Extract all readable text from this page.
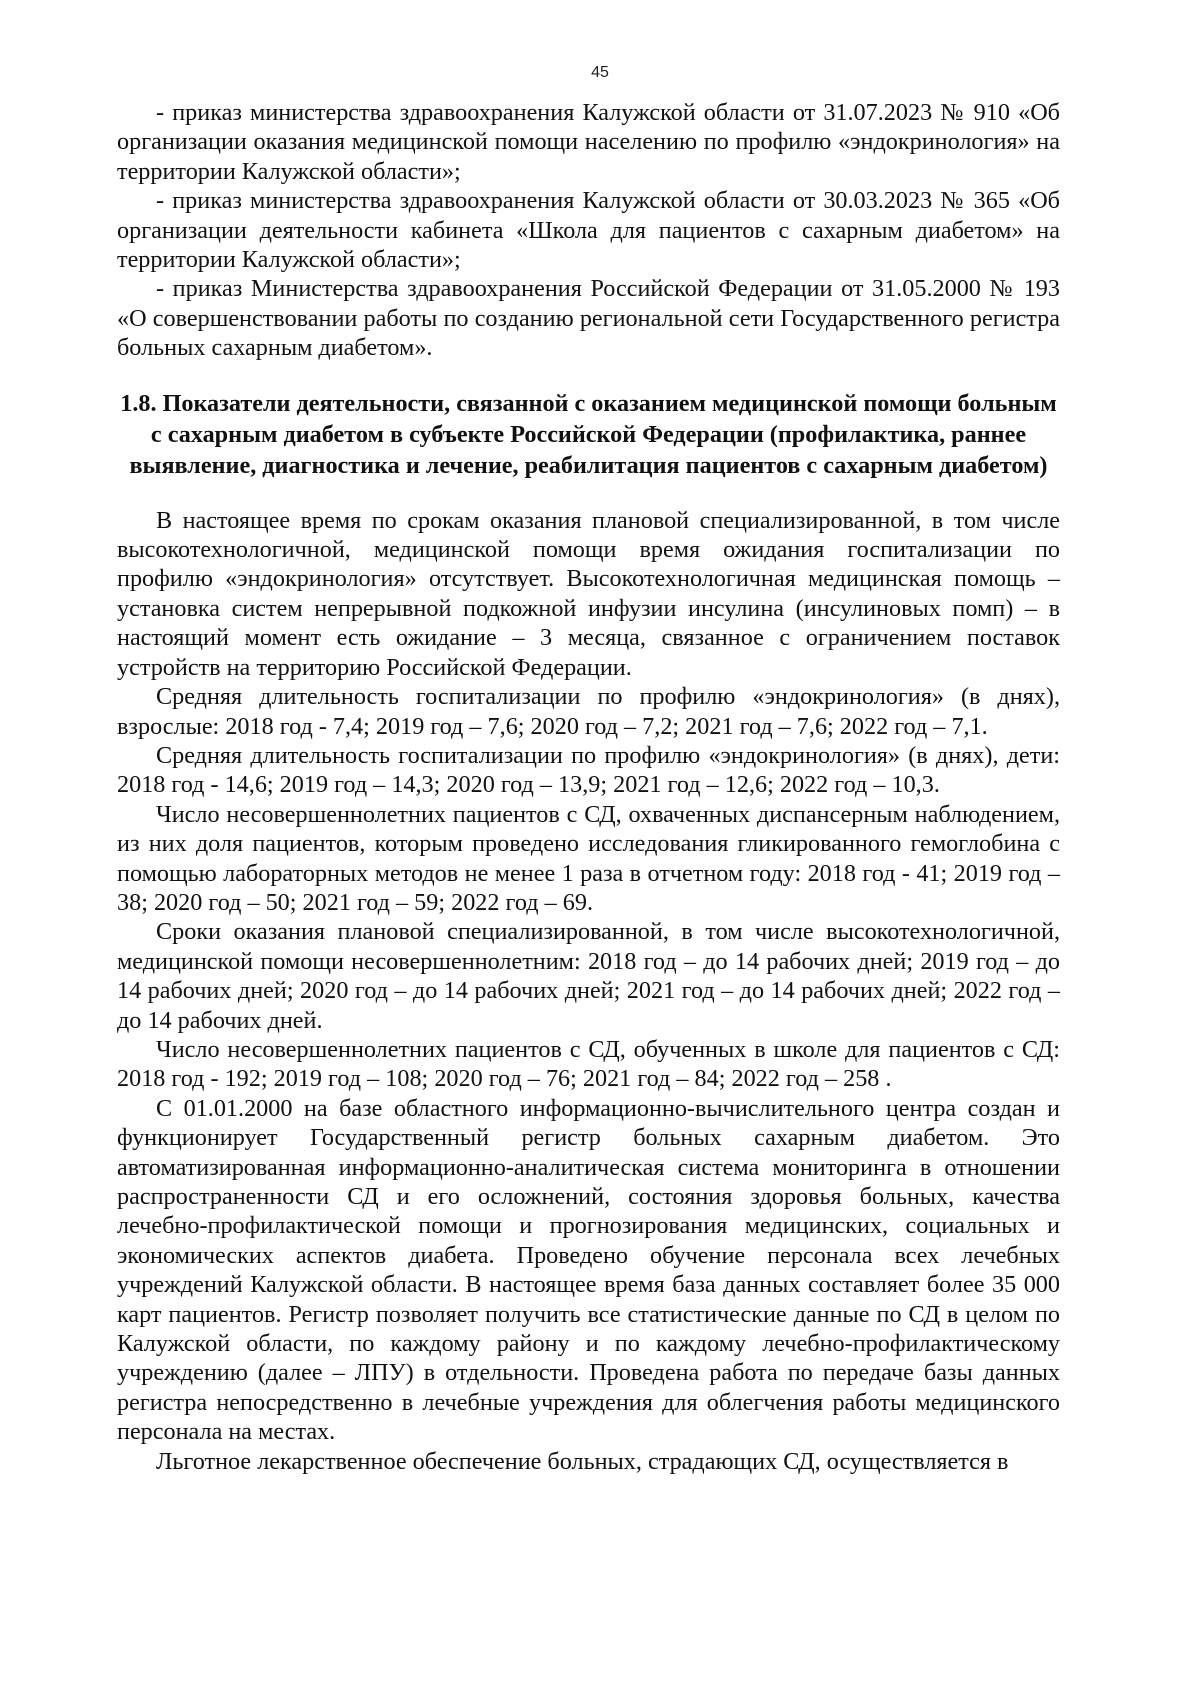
45

- приказ министерства здравоохранения Калужской области от 31.07.2023 № 910 «Об организации оказания медицинской помощи населению по профилю «эндокринология» на территории Калужской области»;

- приказ министерства здравоохранения Калужской области от 30.03.2023 № 365 «Об организации деятельности кабинета «Школа для пациентов с сахарным диабетом» на территории Калужской области»;

- приказ Министерства здравоохранения Российской Федерации от 31.05.2000 № 193 «О совершенствовании работы по созданию региональной сети Государственного регистра больных сахарным диабетом».

1.8. Показатели деятельности, связанной с оказанием медицинской помощи больным с сахарным диабетом в субъекте Российской Федерации (профилактика, раннее выявление, диагностика и лечение, реабилитация пациентов с сахарным диабетом)

В настоящее время по срокам оказания плановой специализированной, в том числе высокотехнологичной, медицинской помощи время ожидания госпитализации по профилю «эндокринология» отсутствует. Высокотехнологичная медицинская помощь – установка систем непрерывной подкожной инфузии инсулина (инсулиновых помп) – в настоящий момент есть ожидание – 3 месяца, связанное с ограничением поставок устройств на территорию Российской Федерации.

Средняя длительность госпитализации по профилю «эндокринология» (в днях), взрослые: 2018 год - 7,4; 2019 год – 7,6; 2020 год – 7,2; 2021 год – 7,6; 2022 год – 7,1.

Средняя длительность госпитализации по профилю «эндокринология» (в днях), дети: 2018 год - 14,6; 2019 год – 14,3; 2020 год – 13,9; 2021 год – 12,6; 2022 год – 10,3.

Число несовершеннолетних пациентов с СД, охваченных диспансерным наблюдением, из них доля пациентов, которым проведено исследования гликированного гемоглобина с помощью лабораторных методов не менее 1 раза в отчетном году: 2018 год - 41; 2019 год – 38; 2020 год – 50; 2021 год – 59; 2022 год – 69.

Сроки оказания плановой специализированной, в том числе высокотехнологичной, медицинской помощи несовершеннолетним: 2018 год – до 14 рабочих дней; 2019 год – до 14 рабочих дней; 2020 год – до 14 рабочих дней; 2021 год – до 14 рабочих дней; 2022 год – до 14 рабочих дней.

Число несовершеннолетних пациентов с СД, обученных в школе для пациентов с СД: 2018 год - 192; 2019 год – 108; 2020 год – 76; 2021 год – 84; 2022 год – 258 .

С 01.01.2000 на базе областного информационно-вычислительного центра создан и функционирует Государственный регистр больных сахарным диабетом. Это автоматизированная информационно-аналитическая система мониторинга в отношении распространенности СД и его осложнений, состояния здоровья больных, качества лечебно-профилактической помощи и прогнозирования медицинских, социальных и экономических аспектов диабета. Проведено обучение персонала всех лечебных учреждений Калужской области. В настоящее время база данных составляет более 35 000 карт пациентов. Регистр позволяет получить все статистические данные по СД в целом по Калужской области, по каждому району и по каждому лечебно-профилактическому учреждению (далее – ЛПУ) в отдельности. Проведена работа по передаче базы данных регистра непосредственно в лечебные учреждения для облегчения работы медицинского персонала на местах.

Льготное лекарственное обеспечение больных, страдающих СД, осуществляется в
